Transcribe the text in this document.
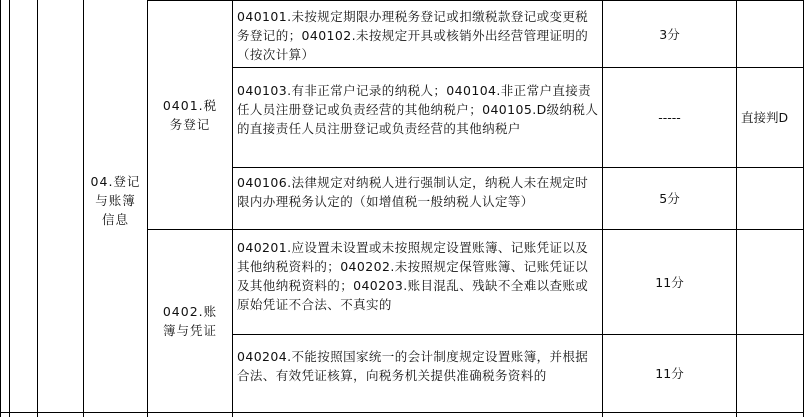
04.登记与账簿信息
0401.税务登记
0402.账簿与凭证
040101.未按规定期限办理税务登记或扣缴税款登记或变更税务登记的；040102.未按规定开具或核销外出经营管理证明的（按次计算）
040103.有非正常户记录的纳税人；040104.非正常户直接责任人员注册登记或负责经营的其他纳税户；040105.D级纳税人的直接责任人员注册登记或负责经营的其他纳税户
040106.法律规定对纳税人进行强制认定，纳税人未在规定时限内办理税务认定的（如增值税一般纳税人认定等）
040201.应设置未设置或未按照规定设置账簿、记账凭证以及其他纳税资料的；040202.未按照规定保管账簿、记账凭证以及其他纳税资料的；040203.账目混乱、残缺不全难以查账或原始凭证不合法、不真实的
040204.不能按照国家统一的会计制度规定设置账簿，并根据合法、有效凭证核算，向税务机关提供准确税务资料的
3分
-----
5分
11分
11分
直接判D
